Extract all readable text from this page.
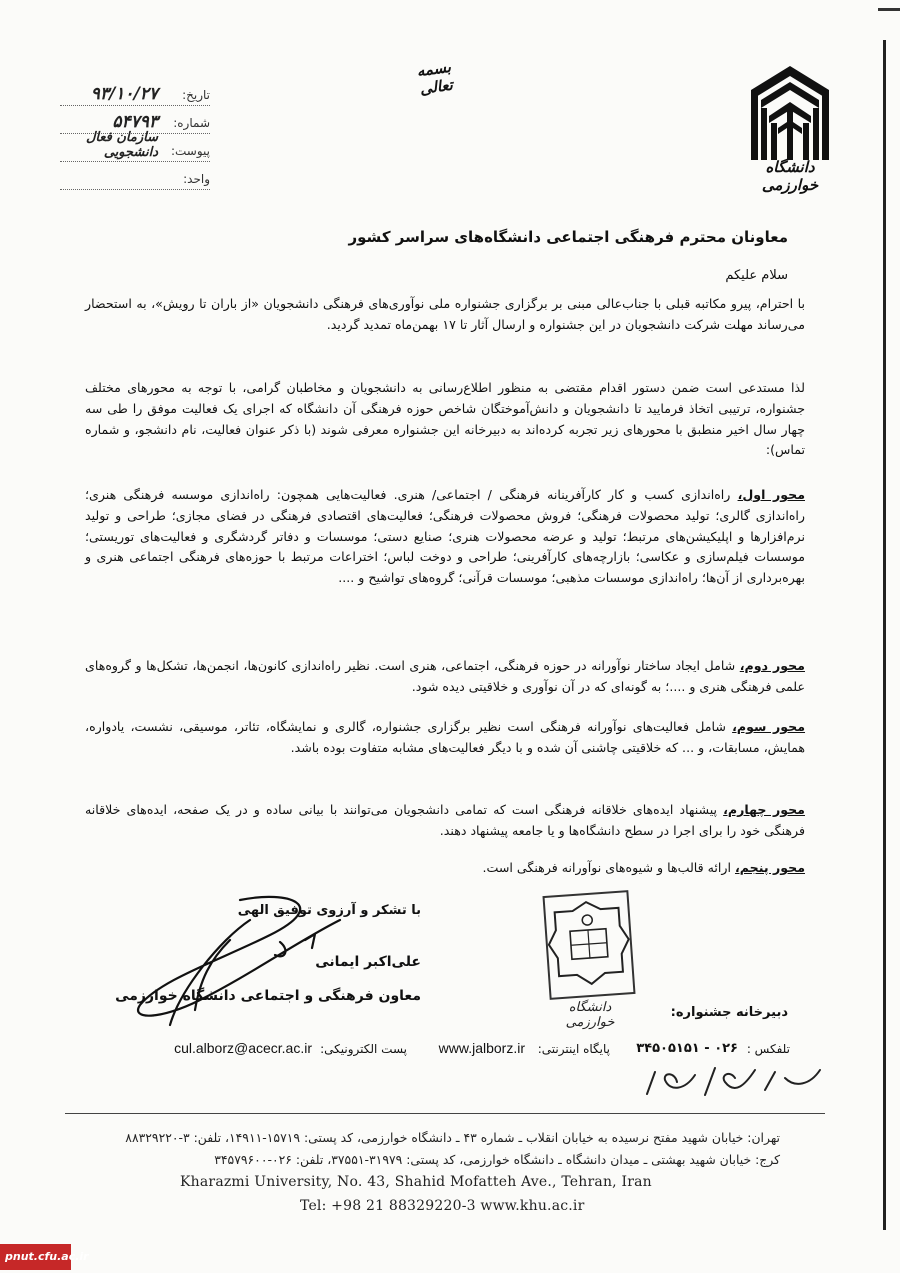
دانشگاه خوارزمی
بسمه تعالی
تاریخ:
۹۳/۱۰/۲۷
شماره:
۵۴۷۹۳
پیوست:
سازمان فعال دانشجویی
واحد:
معاونان محترم فرهنگی اجتماعی دانشگاه‌های سراسر کشور
سلام علیکم
با احترام، پیرو مکاتبه قبلی با جناب‌عالی مبنی بر برگزاری جشنواره ملی نوآوری‌های فرهنگی دانشجویان «از باران تا رویش»، به استحضار می‌رساند مهلت شرکت دانشجویان در این جشنواره و ارسال آثار تا ۱۷ بهمن‌ماه تمدید گردید.
لذا مستدعی است ضمن دستور اقدام مقتضی به منظور اطلاع‌رسانی به دانشجویان و مخاطبان گرامی، با توجه به محورهای مختلف جشنواره، ترتیبی اتخاذ فرمایید تا دانشجویان و دانش‌آموختگان شاخص حوزه فرهنگی آن دانشگاه که اجرای یک فعالیت موفق را طی سه چهار سال اخیر منطبق با محورهای زیر تجربه کرده‌اند به دبیرخانه این جشنواره معرفی شوند (با ذکر عنوان فعالیت، نام دانشجو، و شماره تماس):
محور اول، راه‌اندازی کسب و کار کارآفرینانه فرهنگی / اجتماعی/ هنری. فعالیت‌هایی همچون: راه‌اندازی موسسه فرهنگی هنری؛ راه‌اندازی گالری؛ تولید محصولات فرهنگی؛ فروش محصولات فرهنگی؛ فعالیت‌های اقتصادی فرهنگی در فضای مجازی؛ طراحی و تولید نرم‌افزارها و اپلیکیشن‌های مرتبط؛ تولید و عرضه محصولات هنری؛ صنایع دستی؛ موسسات و دفاتر گردشگری و فعالیت‌های توریستی؛ موسسات فیلم‌سازی و عکاسی؛ بازارچه‌های کارآفرینی؛ طراحی و دوخت لباس؛ اختراعات مرتبط با حوزه‌های فرهنگی اجتماعی هنری و بهره‌برداری از آن‌ها؛ راه‌اندازی موسسات مذهبی؛ موسسات قرآنی؛ گروه‌های تواشیح و ....
محور دوم، شامل ایجاد ساختار نوآورانه در حوزه فرهنگی، اجتماعی، هنری است. نظیر راه‌اندازی کانون‌ها، انجمن‌ها، تشکل‌ها و گروه‌های علمی فرهنگی هنری و ....؛ به گونه‌ای که در آن نوآوری و خلاقیتی دیده شود.
محور سوم، شامل فعالیت‌های نوآورانه فرهنگی است نظیر برگزاری جشنواره، گالری و نمایشگاه، تئاتر، موسیقی، نشست، یادواره، همایش، مسابقات، و ... که خلاقیتی چاشنی آن شده و با دیگر فعالیت‌های مشابه متفاوت بوده باشد.
محور چهارم، پیشنهاد ایده‌های خلاقانه فرهنگی است که تمامی دانشجویان می‌توانند با بیانی ساده و در یک صفحه، ایده‌های خلاقانه فرهنگی خود را برای اجرا در سطح دانشگاه‌ها و یا جامعه پیشنهاد دهند.
محور پنجم، ارائه قالب‌ها و شیوه‌های نوآورانه فرهنگی است.
با تشکر و آرزوی توفیق الهی
علی‌اکبر ایمانی
معاون فرهنگی و اجتماعی دانشگاه خوارزمی
دانشگاه خوارزمی
دبیرخانه جشنواره:
تلفکس :
۰۲۶ - ۳۴۵۰۵۱۵۱
پایگاه اینترنتی:
www.jalborz.ir
پست الکترونیکی:
cul.alborz@acecr.ac.ir
تهران: خیابان شهید مفتح نرسیده به خیابان انقلاب ـ شماره ۴۳ ـ دانشگاه خوارزمی، کد پستی: ۱۵۷۱۹-۱۴۹۱۱، تلفن: ۳-۸۸۳۲۹۲۲۰
کرج: خیابان شهید بهشتی ـ میدان دانشگاه ـ دانشگاه خوارزمی، کد پستی: ۳۱۹۷۹-۳۷۵۵۱، تلفن: ۰۲۶-۳۴۵۷۹۶۰۰
Kharazmi University, No. 43, Shahid Mofatteh Ave., Tehran, Iran
Tel: +98 21 88329220-3 www.khu.ac.ir
pnut.cfu.ac.ir
